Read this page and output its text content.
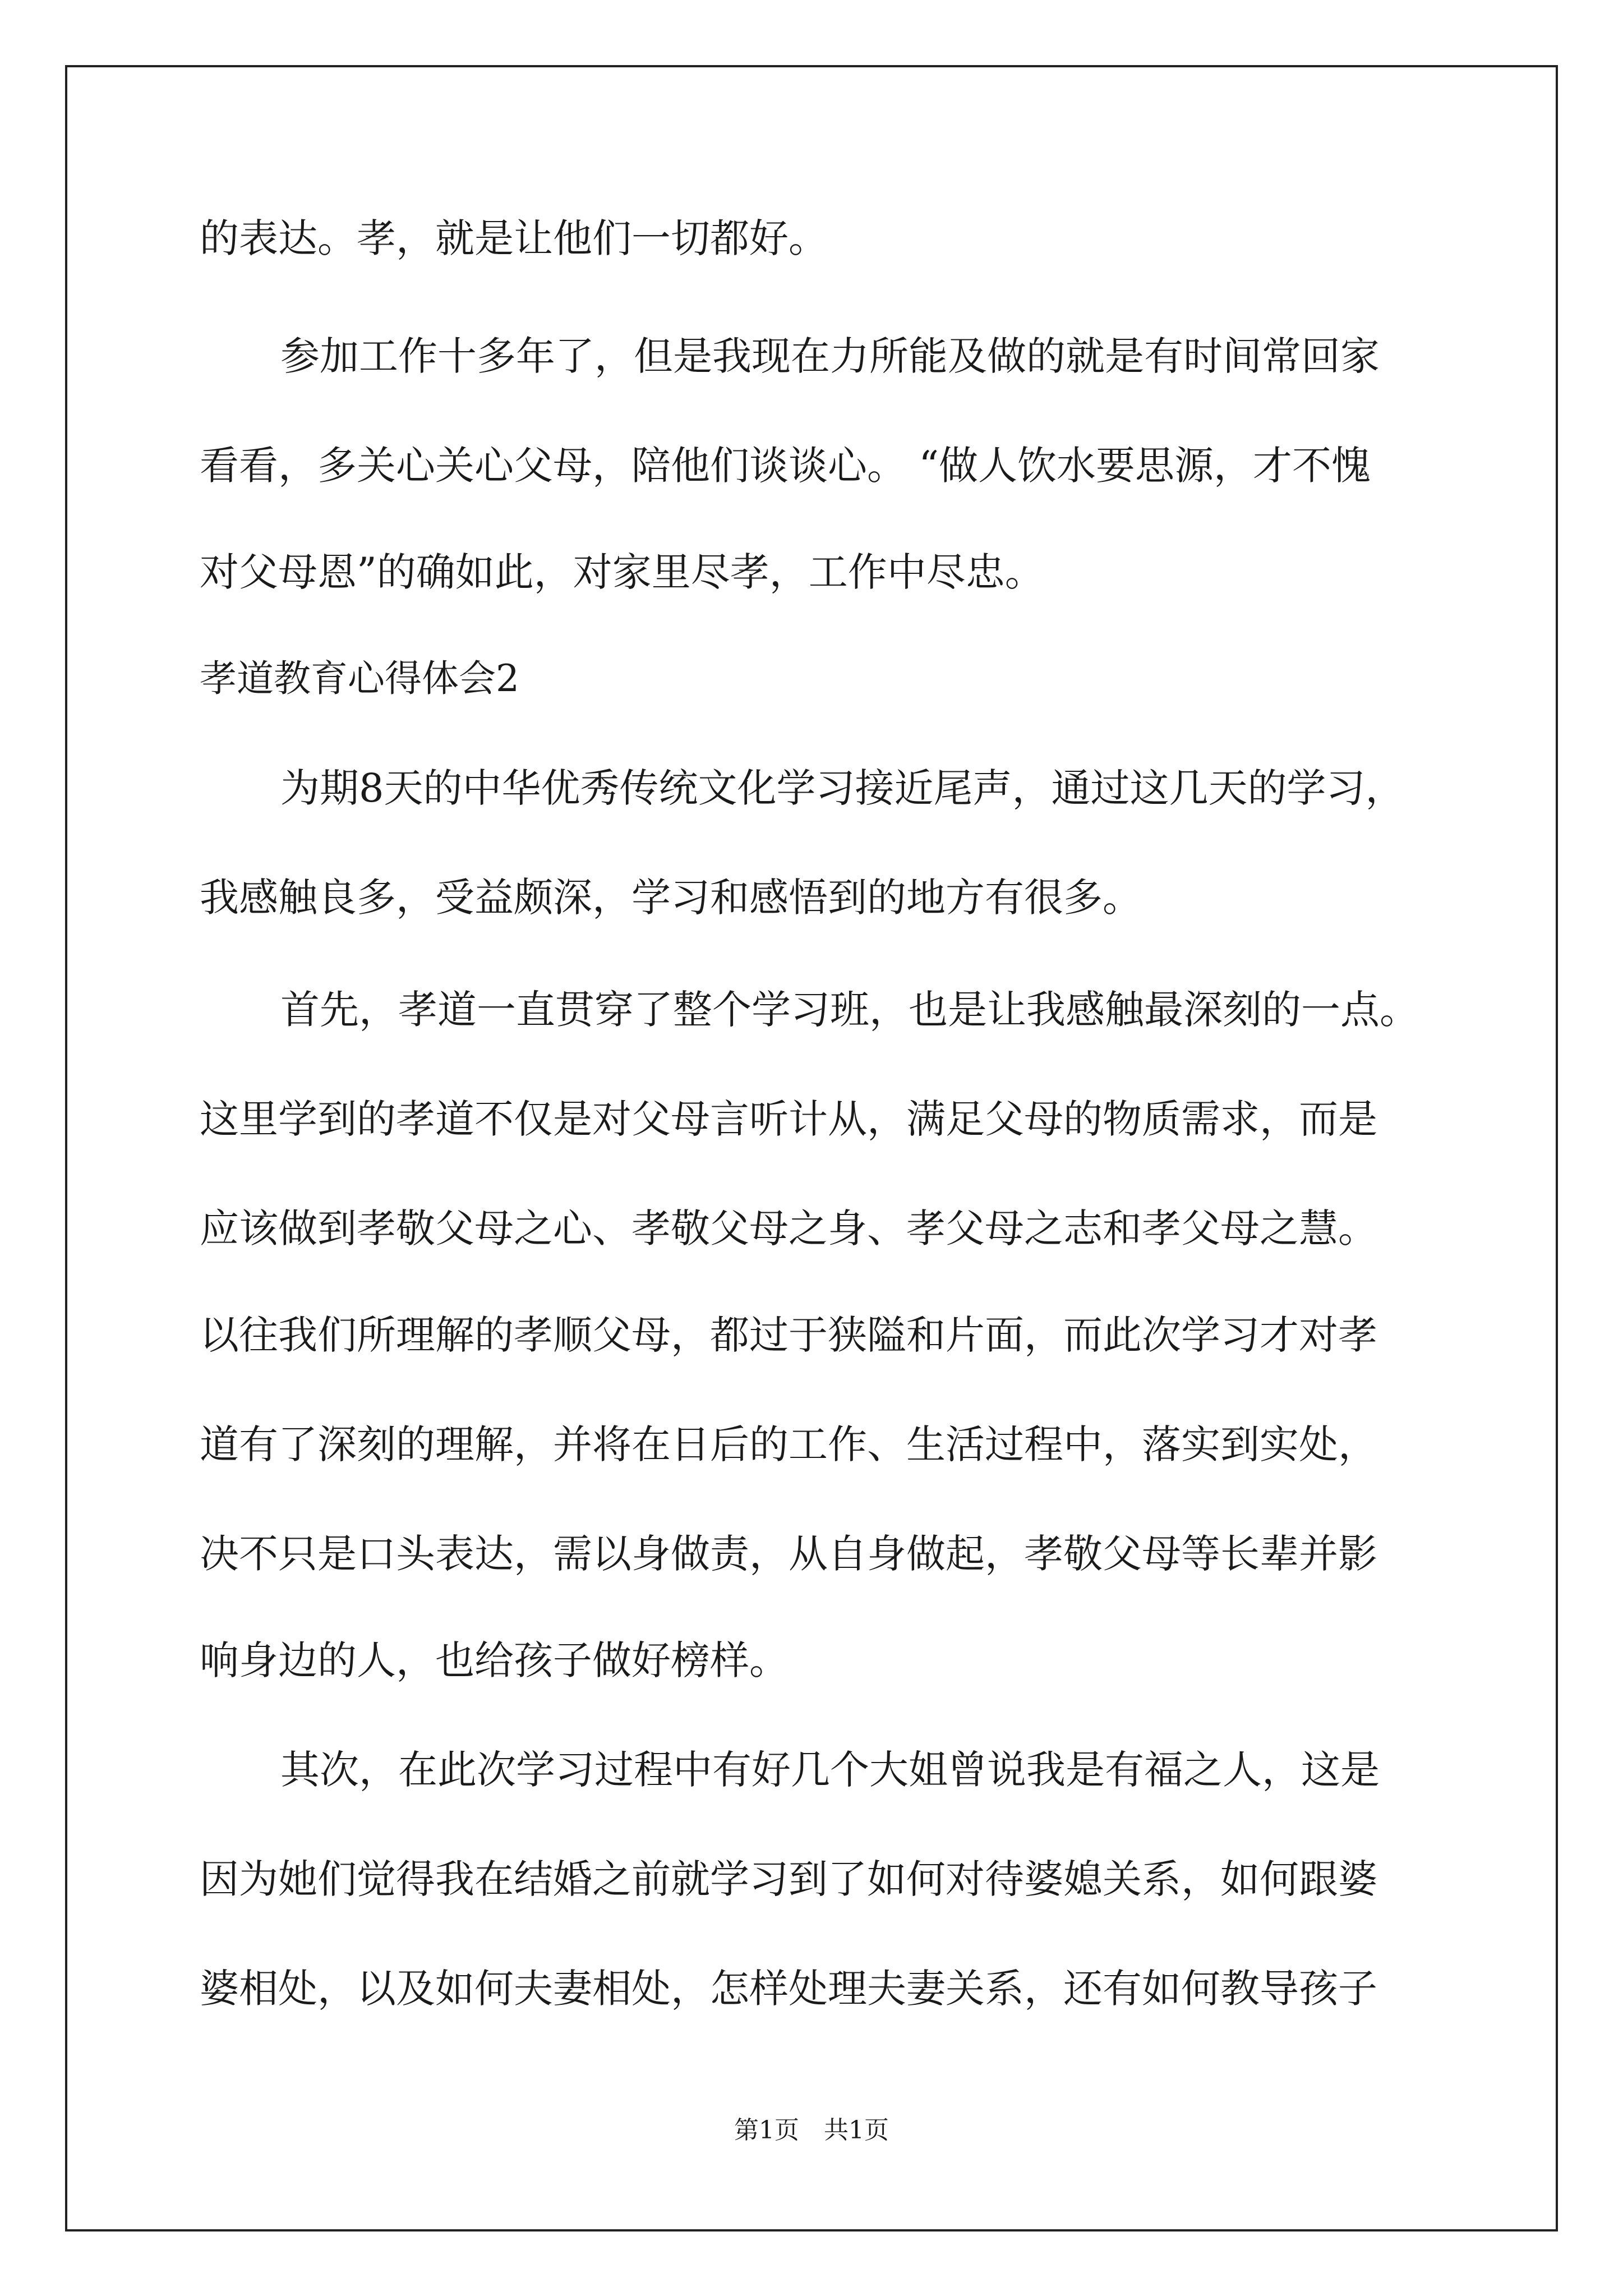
的表达。孝，就是让他们一切都好。

参加工作十多年了，但是我现在力所能及做的就是有时间常回家

看看，多关心关心父母，陪他们谈谈心。 “做人饮水要思源，才不愧

对父母恩”的确如此，对家里尽孝，工作中尽忠。

孝道教育心得体会2

为期8天的中华优秀传统文化学习接近尾声，通过这几天的学习，

我感触良多，受益颇深，学习和感悟到的地方有很多。

首先，孝道一直贯穿了整个学习班，也是让我感触最深刻的一点。

这里学到的孝道不仅是对父母言听计从，满足父母的物质需求，而是

应该做到孝敬父母之心、孝敬父母之身、孝父母之志和孝父母之慧。

以往我们所理解的孝顺父母，都过于狭隘和片面，而此次学习才对孝

道有了深刻的理解，并将在日后的工作、生活过程中，落实到实处，

决不只是口头表达，需以身做责，从自身做起，孝敬父母等长辈并影

响身边的人，也给孩子做好榜样。

其次，在此次学习过程中有好几个大姐曾说我是有福之人，这是

因为她们觉得我在结婚之前就学习到了如何对待婆媳关系，如何跟婆

婆相处，以及如何夫妻相处，怎样处理夫妻关系，还有如何教导孩子

第1页　共1页
